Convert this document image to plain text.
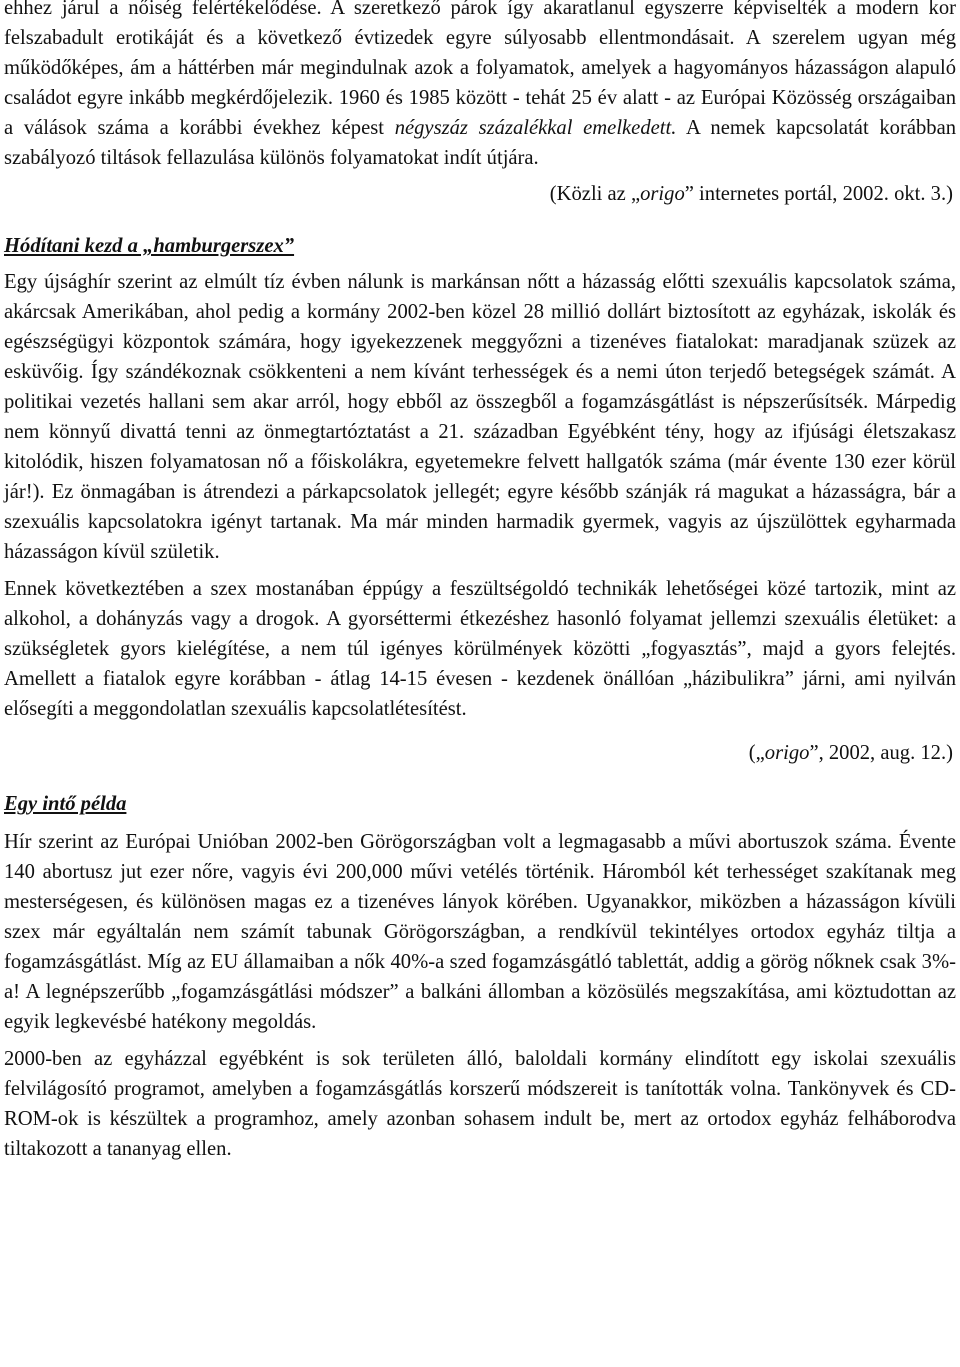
ehhez járul a nőiség felértékelődése. A szeretkező párok így akaratlanul egyszerre képviselték a modern kor felszabadult erotikáját és a következő évtizedek egyre súlyosabb ellentmondásait. A szerelem ugyan még működőképes, ám a háttérben már megindulnak azok a folyamatok, amelyek a hagyományos házasságon alapuló családot egyre inkább megkérdőjelezik. 1960 és 1985 között - tehát 25 év alatt - az Európai Közösség országaiban a válások száma a korábbi évekhez képest négyszáz százalékkal emelkedett. A nemek kapcsolatát korábban szabályozó tiltások fellazulása különös folyamatokat indít útjára.

(Közli az „origo” internetes portál, 2002. okt. 3.)
Hódítani kezd a „hamburgerszex”

Egy újsághír szerint az elmúlt tíz évben nálunk is markánsan nőtt a házasság előtti szexuális kapcsolatok száma, akárcsak Amerikában, ahol pedig a kormány 2002-ben közel 28 millió dollárt biztosított az egyházak, iskolák és egészségügyi központok számára, hogy igyekezzenek meggyőzni a tizenéves fiatalokat: maradjanak szüzek az esküvőig. Így szándékoznak csökkenteni a nem kívánt terhességek és a nemi úton terjedő betegségek számát. A politikai vezetés hallani sem akar arról, hogy ebből az összegből a fogamzásgátlást is népszerűsítsék. Márpedig nem könnyű divattá tenni az önmegtartóztatást a 21. században Egyébként tény, hogy az ifjúsági életszakasz kitolódik, hiszen folyamatosan nő a főiskolákra, egyetemekre felvett hallgatók száma (már évente 130 ezer körül jár!). Ez önmagában is átrendezi a párkapcsolatok jellegét; egyre később szánják rá magukat a házasságra, bár a szexuális kapcsolatokra igényt tartanak. Ma már minden harmadik gyermek, vagyis az újszülöttek egyharmada házasságon kívül születik.

Ennek következtében a szex mostanában éppúgy a feszültségoldó technikák lehetőségei közé tartozik, mint az alkohol, a dohányzás vagy a drogok. A gyorséttermi étkezéshez hasonló folyamat jellemzi szexuális életüket: a szükségletek gyors kielégítése, a nem túl igényes körülmények közötti „fogyasztás”, majd a gyors felejtés. Amellett a fiatalok egyre korábban - átlag 14-15 évesen - kezdenek önállóan „házibulikra” járni, ami nyilván elősegíti a meggondolatlan szexuális kapcsolatlétesítést.

(„origo”, 2002, aug. 12.)
Egy intő példa

Hír szerint az Európai Unióban 2002-ben Görögországban volt a legmagasabb a művi abortuszok száma. Évente 140 abortusz jut ezer nőre, vagyis évi 200,000 művi vetélés történik. Háromból két terhességet szakítanak meg mesterségesen, és különösen magas ez a tizenéves lányok körében. Ugyanakkor, miközben a házasságon kívüli szex már egyáltalán nem számít tabunak Görögországban, a rendkívül tekintélyes ortodox egyház tiltja a fogamzásgátlást. Míg az EU államaiban a nők 40%-a szed fogamzásgátló tablettát, addig a görög nőknek csak 3%-a! A legnépszerűbb „fogamzásgátlási módszer” a balkáni állomban a közösülés megszakítása, ami köztudottan az egyik legkevésbé hatékony megoldás.

2000-ben az egyházzal egyébként is sok területen álló, baloldali kormány elindított egy iskolai szexuális felvilágosító programot, amelyben a fogamzásgátlás korszerű módszereit is tanították volna. Tankönyvek és CD-ROM-ok is készültek a programhoz, amely azonban sohasem indult be, mert az ortodox egyház felháborodva tiltakozott a tananyag ellen.
